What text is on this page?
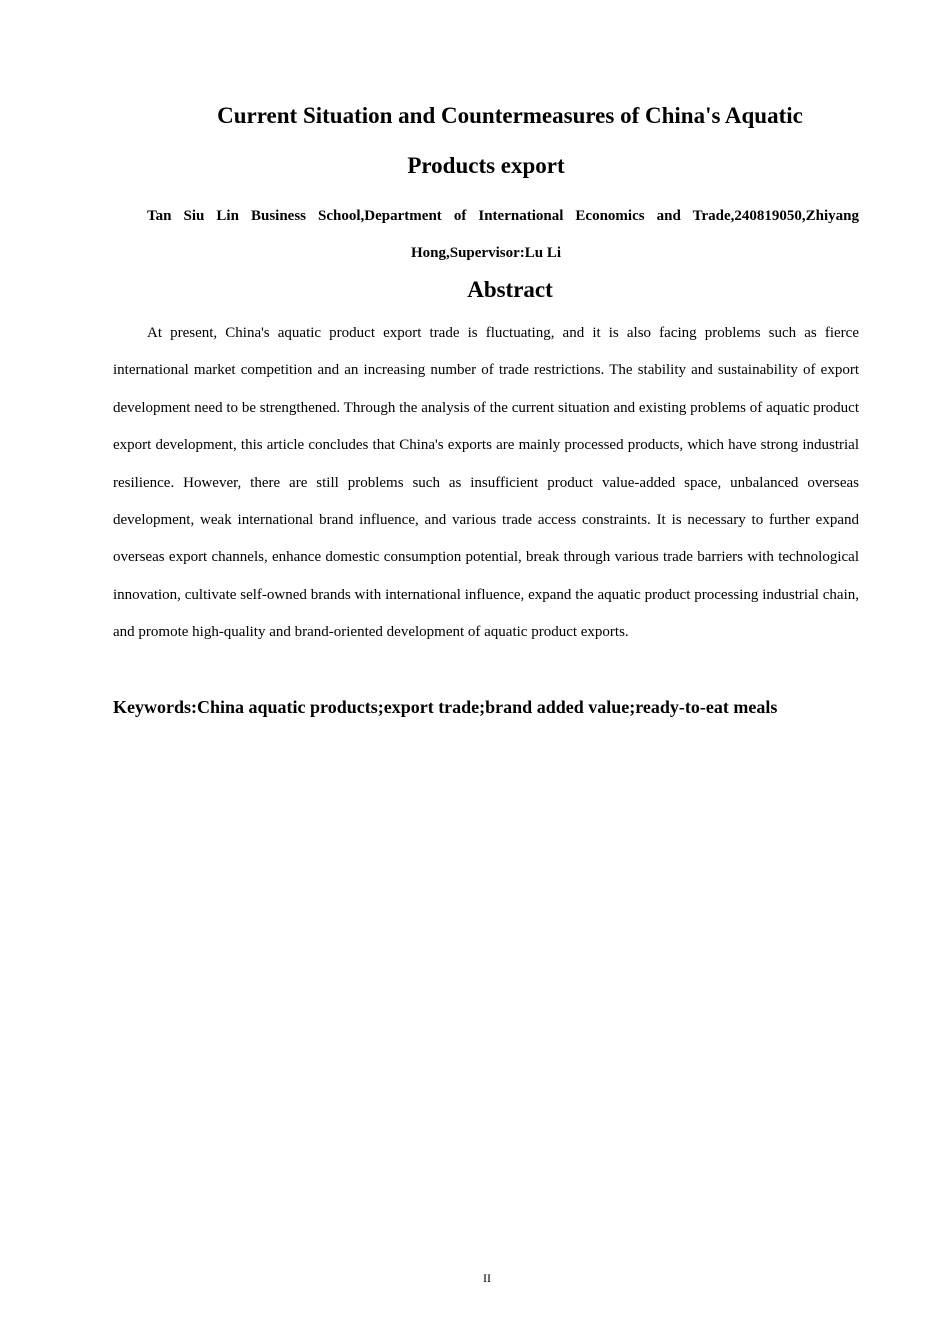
Current Situation and Countermeasures of China's Aquatic
Products export
Tan Siu Lin Business School,Department of International Economics and Trade,240819050,Zhiyang Hong,Supervisor:Lu Li
Abstract

At present, China's aquatic product export trade is fluctuating, and it is also facing problems such as fierce international market competition and an increasing number of trade restrictions. The stability and sustainability of export development need to be strengthened. Through the analysis of the current situation and existing problems of aquatic product export development, this article concludes that China's exports are mainly processed products, which have strong industrial resilience. However, there are still problems such as insufficient product value-added space, unbalanced overseas development, weak international brand influence, and various trade access constraints. It is necessary to further expand overseas export channels, enhance domestic consumption potential, break through various trade barriers with technological innovation, cultivate self-owned brands with international influence, expand the aquatic product processing industrial chain, and promote high-quality and brand-oriented development of aquatic product exports.

Keywords:China aquatic products;export trade;brand added value;ready-to-eat meals
II
